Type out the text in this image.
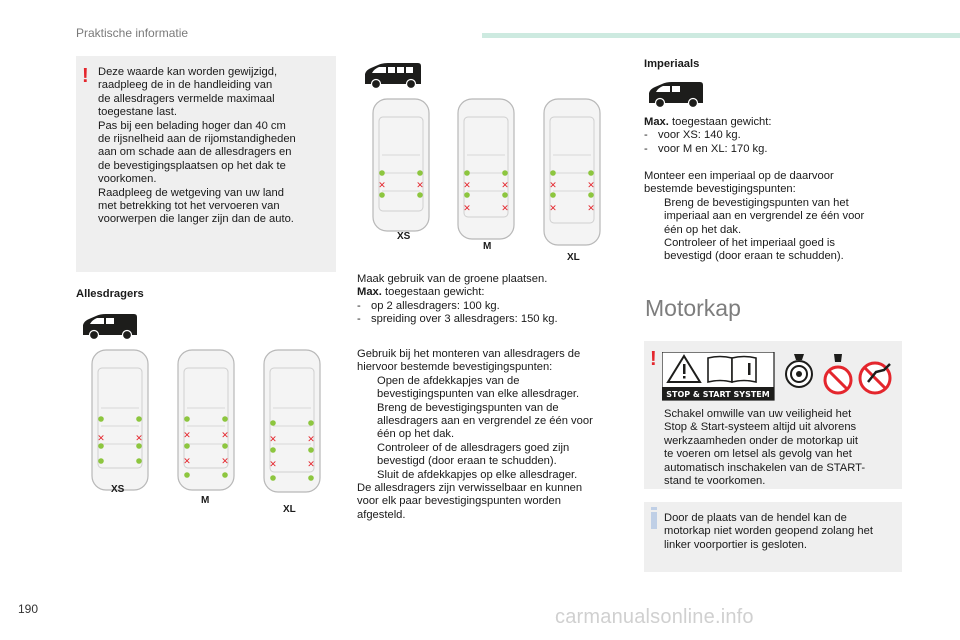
Praktische informatie
! Deze waarde kan worden gewijzigd,

raadpleeg de in de handleiding van

de allesdragers vermelde maximaal

toegestane last.

Pas bij een belading hoger dan 40 cm

de rijsnelheid aan de rijomstandigheden

aan om schade aan de allesdragers en

de bevestigingsplaatsen op het dak te

voorkomen.

Raadpleeg de wetgeving van uw land

met betrekking tot het vervoeren van

voorwerpen die langer zijn dan de auto.

Allesdragers
✕	✕	✕	✕
✕	✕
✕	✕
✕	✕
XS
M
XL
✕	✕	✕	✕
✕	✕
✕	✕
✕	✕
XS
M
XL

Maak gebruik van de groene plaatsen.

Max. toegestaan gewicht:

- op 2 allesdragers: 100 kg.

- spreiding over 3 allesdragers: 150 kg.

Gebruik bij het monteren van allesdragers de

hiervoor bestemde bevestigingspunten:

Open de afdekkapjes van de

bevestigingspunten van elke allesdrager.

Breng de bevestigingspunten van de

allesdragers aan en vergrendel ze één voor

één op het dak.

Controleer of de allesdragers goed zijn

bevestigd (door eraan te schudden).

Sluit de afdekkapjes op elke allesdrager.

De allesdragers zijn verwisselbaar en kunnen

voor elk paar bevestigingspunten worden

afgesteld.

Imperiaals

Max. toegestaan gewicht:

- voor XS: 140 kg.

- voor M en XL: 170 kg.

Monteer een imperiaal op de daarvoor

bestemde bevestigingspunten:

Breng de bevestigingspunten van het

imperiaal aan en vergrendel ze één voor

één op het dak.

Controleer of het imperiaal goed is

bevestigd (door eraan te schudden).

Motorkap
!
STOP & START SYSTEM

Schakel omwille van uw veiligheid het

Stop & Start-systeem altijd uit alvorens

werkzaamheden onder de motorkap uit

te voeren om letsel als gevolg van het

automatisch inschakelen van de START-

stand te voorkomen.

Door de plaats van de hendel kan de

motorkap niet worden geopend zolang het

linker voorportier is gesloten.

190	carmanualsonline.info
